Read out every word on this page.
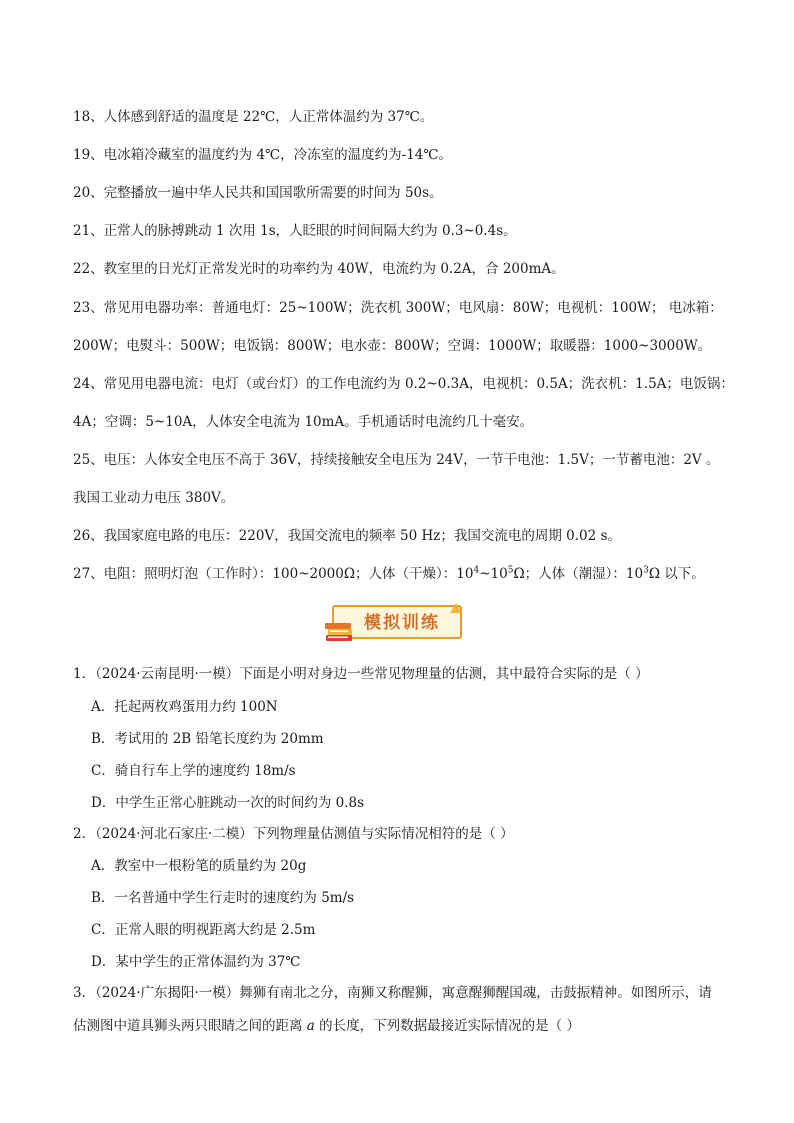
18、人体感到舒适的温度是 22℃，人正常体温约为 37℃。
19、电冰箱冷藏室的温度约为 4℃，冷冻室的温度约为-14℃。
20、完整播放一遍中华人民共和国国歌所需要的时间为 50s。
21、正常人的脉搏跳动 1 次用 1s，人眨眼的时间间隔大约为 0.3~0.4s。
22、教室里的日光灯正常发光时的功率约为 40W，电流约为 0.2A，合 200mA。
23、常见用电器功率：普通电灯：25~100W；洗衣机 300W；电风扇：80W；电视机：100W； 电冰箱：
200W；电熨斗：500W；电饭锅：800W；电水壶：800W；空调：1000W；取暖器：1000~3000W。
24、常见用电器电流：电灯（或台灯）的工作电流约为 0.2~0.3A，电视机：0.5A；洗衣机：1.5A；电饭锅：
4A；空调：5~10A，人体安全电流为 10mA。手机通话时电流约几十毫安。
25、电压：人体安全电压不高于 36V，持续接触安全电压为 24V，一节干电池：1.5V；一节蓄电池：2V 。
我国工业动力电压 380V。
26、我国家庭电路的电压：220V，我国交流电的频率 50 Hz；我国交流电的周期 0.02 s。
27、电阻：照明灯泡（工作时）：100~2000Ω；人体（干燥）：$10^4\sim 10^5\Omega$；人体（潮湿）：$10^3\Omega$ 以下。
模拟训练
1．（2024·云南昆明·一模）下面是小明对身边一些常见物理量的估测，其中最符合实际的是（ ）
A．托起两枚鸡蛋用力约 100N
B．考试用的 2B 铅笔长度约为 20mm
C．骑自行车上学的速度约 18m/s
D．中学生正常心脏跳动一次的时间约为 0.8s
2．（2024·河北石家庄·二模）下列物理量估测值与实际情况相符的是（ ）
A．教室中一根粉笔的质量约为 20g
B．一名普通中学生行走时的速度约为 5m/s
C．正常人眼的明视距离大约是 2.5m
D．某中学生的正常体温约为 37℃
3．（2024·广东揭阳·一模）舞狮有南北之分，南狮又称醒狮，寓意醒狮醒国魂，击鼓振精神。如图所示，请
估测图中道具狮头两只眼睛之间的距离 a 的长度，下列数据最接近实际情况的是（ ）
